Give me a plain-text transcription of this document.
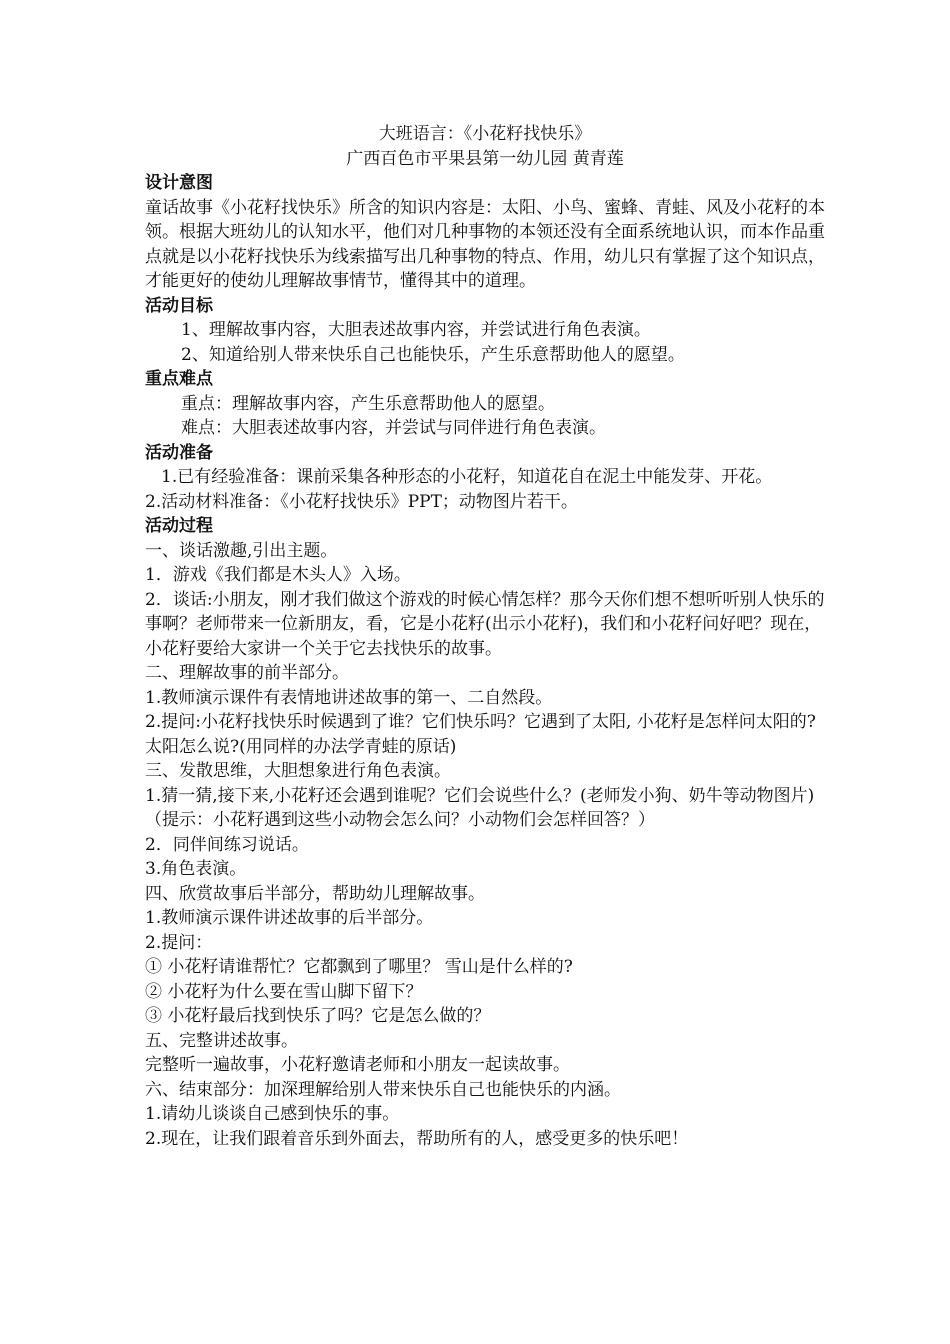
大班语言：《小花籽找快乐》
广西百色市平果县第一幼儿园 黄青莲
设计意图
童话故事《小花籽找快乐》所含的知识内容是：太阳、小鸟、蜜蜂、青蛙、风及小花籽的本领。根据大班幼儿的认知水平，他们对几种事物的本领还没有全面系统地认识，而本作品重点就是以小花籽找快乐为线索描写出几种事物的特点、作用，幼儿只有掌握了这个知识点，才能更好的使幼儿理解故事情节，懂得其中的道理。
活动目标
1、理解故事内容，大胆表述故事内容，并尝试进行角色表演。
2、知道给别人带来快乐自己也能快乐，产生乐意帮助他人的愿望。
重点难点
重点：理解故事内容，产生乐意帮助他人的愿望。
难点：大胆表述故事内容，并尝试与同伴进行角色表演。
活动准备
1.已有经验准备：课前采集各种形态的小花籽，知道花自在泥土中能发芽、开花。
2.活动材料准备：《小花籽找快乐》PPT；动物图片若干。
活动过程
一、谈话激趣,引出主题。
1．游戏《我们都是木头人》入场。
2．谈话:小朋友，刚才我们做这个游戏的时候心情怎样？那今天你们想不想听听别人快乐的事啊？老师带来一位新朋友，看，它是小花籽(出示小花籽)，我们和小花籽问好吧？现在，小花籽要给大家讲一个关于它去找快乐的故事。
二、理解故事的前半部分。
1.教师演示课件有表情地讲述故事的第一、二自然段。
2.提问:小花籽找快乐时候遇到了谁？它们快乐吗？它遇到了太阳, 小花籽是怎样问太阳的?太阳怎么说?(用同样的办法学青蛙的原话)
三、发散思维，大胆想象进行角色表演。
1.猜一猜,接下来,小花籽还会遇到谁呢？它们会说些什么？(老师发小狗、奶牛等动物图片)
（提示：小花籽遇到这些小动物会怎么问？小动物们会怎样回答？）
2．同伴间练习说话。
3.角色表演。
四、欣赏故事后半部分，帮助幼儿理解故事。
1.教师演示课件讲述故事的后半部分。
2.提问：
① 小花籽请谁帮忙？它都飘到了哪里？ 雪山是什么样的?
② 小花籽为什么要在雪山脚下留下？
③ 小花籽最后找到快乐了吗？它是怎么做的？
五、完整讲述故事。
完整听一遍故事，小花籽邀请老师和小朋友一起读故事。
六、结束部分：加深理解给别人带来快乐自己也能快乐的内涵。
1.请幼儿谈谈自己感到快乐的事。
2.现在，让我们跟着音乐到外面去，帮助所有的人，感受更多的快乐吧！
